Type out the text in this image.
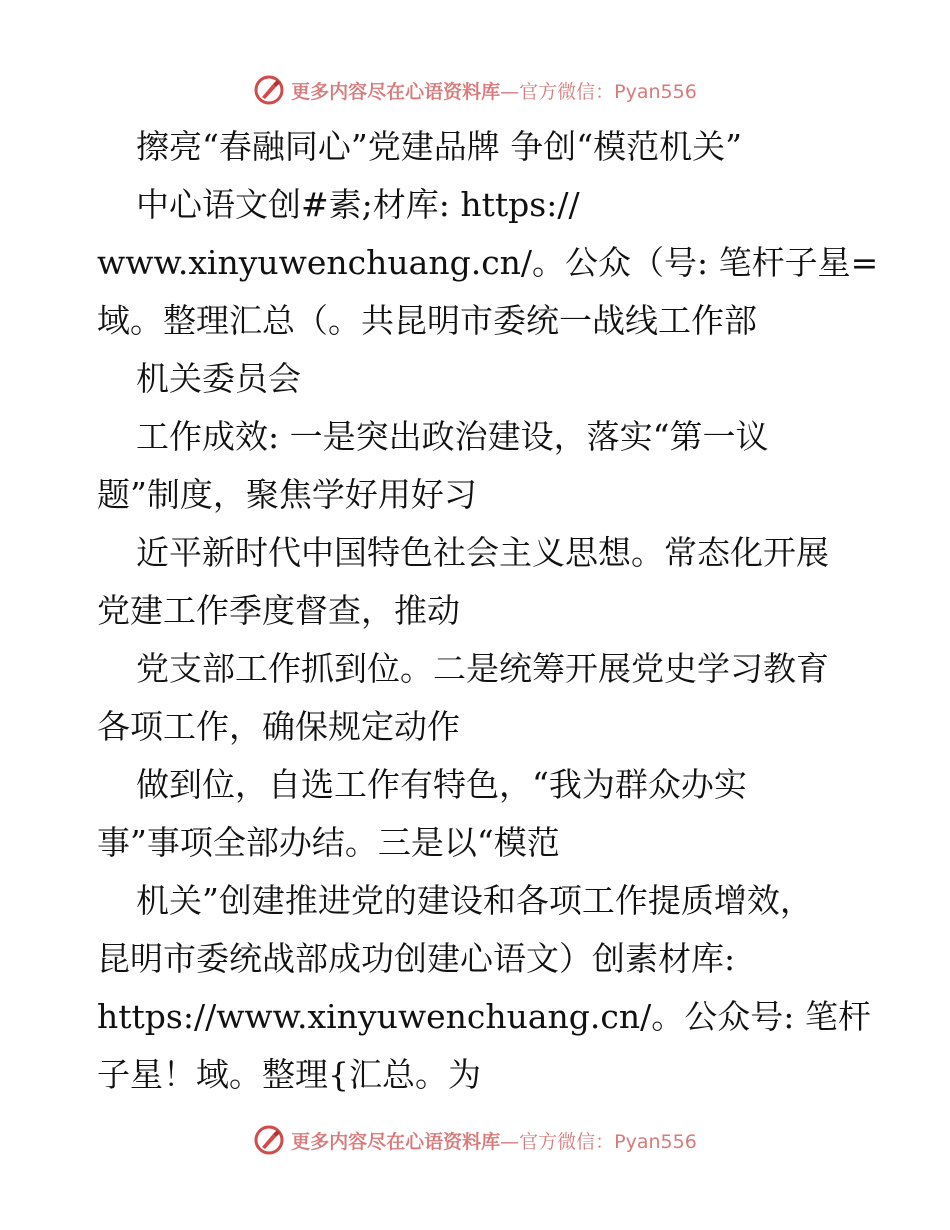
更多内容尽在心语资料库—官方微信：Pyan556
擦亮“春融同心”党建品牌 争创“模范机关”
中心语文创#素;材库: https://
www.xinyuwenchuang.cn/。公众（号: 笔杆子星=
域。整理汇总（。共昆明市委统一战线工作部
机关委员会
工作成效: 一是突出政治建设，落实“第一议
题”制度，聚焦学好用好习
近平新时代中国特色社会主义思想。常态化开展
党建工作季度督查，推动
党支部工作抓到位。二是统筹开展党史学习教育
各项工作，确保规定动作
做到位，自选工作有特色，“我为群众办实
事”事项全部办结。三是以“模范
机关”创建推进党的建设和各项工作提质增效，
昆明市委统战部成功创建心语文）创素材库:
https://www.xinyuwenchuang.cn/。公众号: 笔杆
子星！域。整理{汇总。为
更多内容尽在心语资料库—官方微信：Pyan556
